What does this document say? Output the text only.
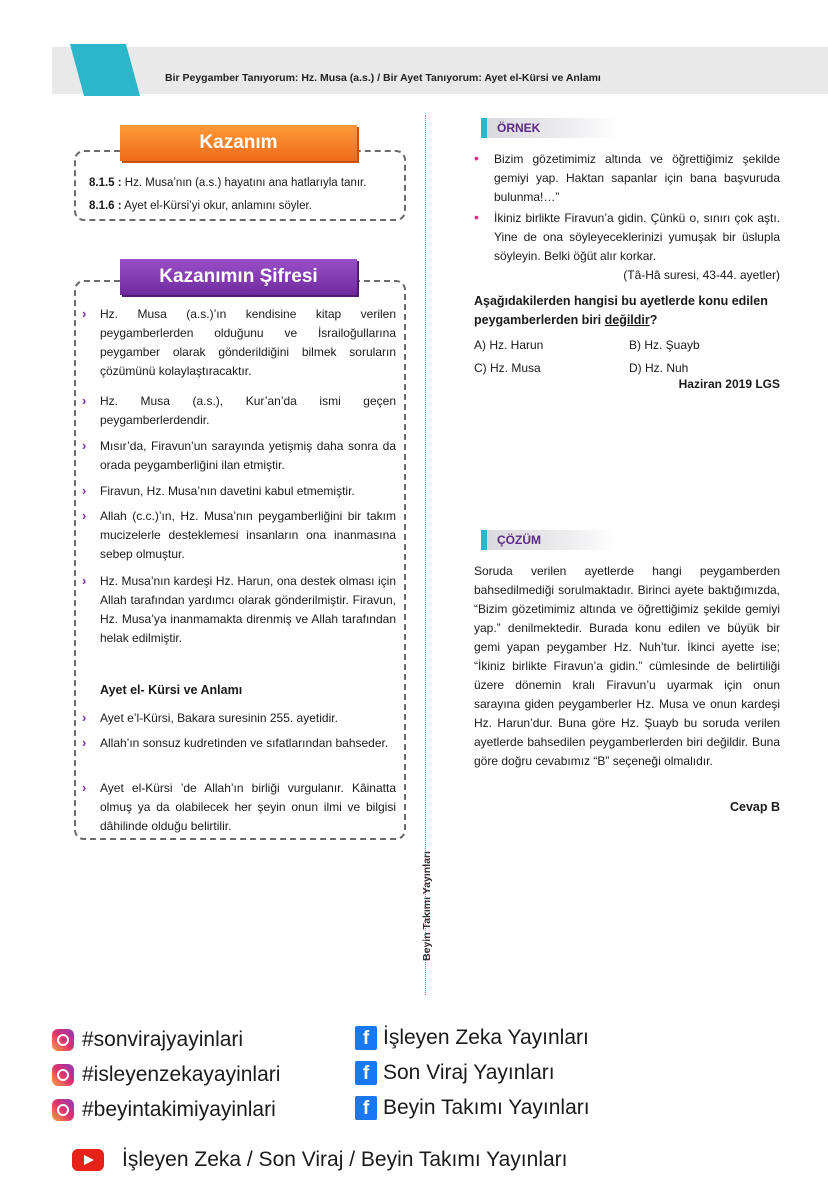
Bir Peygamber Tanıyorum: Hz. Musa (a.s.) / Bir Ayet Tanıyorum: Ayet el-Kürsi ve Anlamı
Kazanım
8.1.5 : Hz. Musa’nın (a.s.) hayatını ana hatlarıyla tanır.
8.1.6 : Ayet el-Kürsi’yi okur, anlamını söyler.
Kazanımın Şifresi
› Hz. Musa (a.s.)’ın kendisine kitap verilen peygamberlerden olduğunu ve İsrailoğullarına peygamber olarak gönderildiğini bilmek soruların çözümünü kolaylaştıracaktır.
› Hz. Musa (a.s.), Kur’an’da ismi geçen peygamberlerdendir.
› Mısır’da, Firavun’un sarayında yetişmiş daha sonra da orada peygamberliğini ilan etmiştir.
› Firavun, Hz. Musa’nın davetini kabul etmemiştir.
› Allah (c.c.)’ın, Hz. Musa’nın peygamberliğini bir takım mucizelerle desteklemesi insanların ona inanmasına sebep olmuştur.
› Hz. Musa’nın kardeşi Hz. Harun, ona destek olması için Allah tarafından yardımcı olarak gönderilmiştir. Firavun, Hz. Musa’ya inanmamakta direnmiş ve Allah tarafından helak edilmiştir.
Ayet el- Kürsi ve Anlamı
› Ayet e’l-Kürsi, Bakara suresinin 255. ayetidir.
› Allah’ın sonsuz kudretinden ve sıfatlarından bahseder.
› Ayet el-Kürsi ’de Allah’ın birliği vurgulanır. Kâinatta olmuş ya da olabilecek her şeyin onun ilmi ve bilgisi dâhilinde olduğu belirtilir.
Beyin Takımı Yayınları
ÖRNEK
• Bizim gözetimimiz altında ve öğrettiğimiz şekilde gemiyi yap. Haktan sapanlar için bana başvuruda bulunma!…”
• İkiniz birlikte Firavun’a gidin. Çünkü o, sınırı çok aştı. Yine de ona söyleyeceklerinizi yumuşak bir üslupla söyleyin. Belki öğüt alır korkar.
(Tâ-Hâ suresi, 43-44. ayetler)
Aşağıdakilerden hangisi bu ayetlerde konu edilen peygamberlerden biri değildir?
A) Hz. Harun	B) Hz. Şuayb
C) Hz. Musa	D) Hz. Nuh
Haziran 2019 LGS
ÇÖZÜM
Soruda verilen ayetlerde hangi peygamberden bahsedilmediği sorulmaktadır. Birinci ayete baktığımızda, “Bizim gözetimimiz altında ve öğrettiğimiz şekilde gemiyi yap.” denilmektedir. Burada konu edilen ve büyük bir gemi yapan peygamber Hz. Nuh’tur. İkinci ayette ise; “İkiniz birlikte Firavun’a gidin.” cümlesinde de belirtiliği üzere dönemin kralı Firavun’u uyarmak için onun sarayına giden peygamberler Hz. Musa ve onun kardeşi Hz. Harun’dur. Buna göre Hz. Şuayb bu soruda verilen ayetlerde bahsedilen peygamberlerden biri değildir. Buna göre doğru cevabımız “B” seçeneği olmalıdır.
Cevap B
#sonvirajyayinlari
#isleyenzekayayinlari
#beyintakimiyayinlari
f İşleyen Zeka Yayınları
f Son Viraj Yayınları
f Beyin Takımı Yayınları
İşleyen Zeka / Son Viraj / Beyin Takımı Yayınları
